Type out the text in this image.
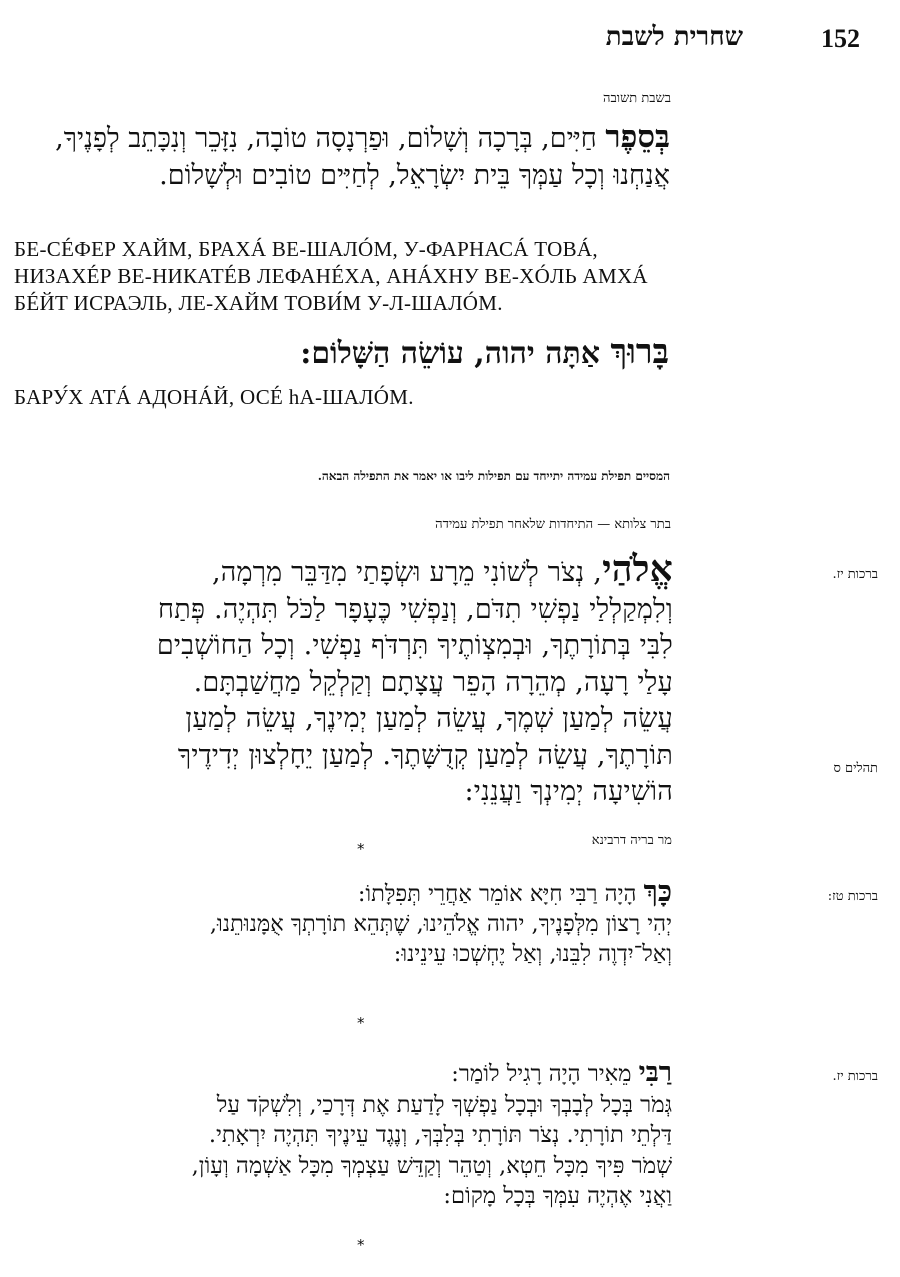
152
שחרית לשבת
בשבת תשובה
בְּסֵפֶר חַיִּים, בְּרָכָה וְשָׁלוֹם, וּפַרְנָסָה טוֹבָה, נִזָּכֵר וְנִכָּתֵב לְפָנֶיךָ,
אֲנַחְנוּ וְכָל עַמְּךָ בֵּית יִשְׂרָאֵל, לְחַיִּים טוֹבִים וּלְשָׁלוֹם.
БЕ-СÉФЕР ХАЙМ, БРАХÁ ВЕ-ШАЛÓМ, У-ФАРНАСÁ ТОВÁ,
НИЗАХÉР ВЕ-НИКАТÉВ ЛЕФАНÉХА, АНÁХНУ ВЕ-ХÓЛЬ АМХÁ
БÉЙТ ИСРАЭЛЬ, ЛЕ-ХАЙМ ТОВИ́М У-Л-ШАЛÓМ.
בָּרוּךְ אַתָּה יהוה, עוֹשֵׂה הַשָּׁלוֹם:
БАРУ́Х АТÁ АДОНÁЙ, ОСÉ hА-ШАЛÓМ.
המסיים תפילת עמידה יתייחד עם תפילות ליבו או יאמר את התפילה הבאה.
בתר צלותא — התיחדות שלאחר תפילת עמידה
ברכות יז.
תהלים ס
אֱלֹהַי, נְצֹר לְשׁוֹנִי מֵרָע וּשְׂפָתַי מִדַּבֵּר מִרְמָה,
וְלִמְקַלְלַי נַפְשִׁי תִדֹּם, וְנַפְשִׁי כֶּעָפָר לַכֹּל תִּהְיֶה. פְּתַח
לִבִּי בְּתוֹרָתֶךָ, וּבְמִצְוֹתֶיךָ תִּרְדֹּף נַפְשִׁי. וְכָל הַחוֹשְׁבִים
עָלַי רָעָה, מְהֵרָה הָפֵר עֲצָתָם וְקַלְקֵל מַחֲשַׁבְתָּם.
עֲשֵׂה לְמַעַן שְׁמֶךָ, עֲשֵׂה לְמַעַן יְמִינֶךָ, עֲשֵׂה לְמַעַן
תּוֹרָתֶךָ, עֲשֵׂה לְמַעַן קְדֻשָּׁתֶךָ. לְמַעַן יֵחָלְצוּן יְדִידֶיךָ
הוֹשִׁיעָה יְמִינְךָ וַעֲנֵנִי:
מר בריה דרבינא
*
ברכות טז:
כָּךְ הָיָה רַבִּי חִיָּא אוֹמֵר אַחֲרֵי תְּפִלָּתוֹ:
יְהִי רָצוֹן מִלְּפָנֶיךָ, יהוה אֱלֹהֵינוּ, שֶׁתְּהֵא תוֹרָתְךָ אֻמָּנוּתֵנוּ,
וְאַל־יִדְוֶה לִבֵּנוּ, וְאַל יֶחְשְׁכוּ עֵינֵינוּ:
*
ברכות יז.
רַבִּי מֵאִיר הָיָה רָגִיל לוֹמַר:
גְּמֹר בְּכָל לְבָבְךָ וּבְכָל נַפְשְׁךָ לָדַעַת אֶת דְּרָכַי, וְלִשְׁקֹד עַל
דַּלְתֵי תוֹרָתִי. נְצֹר תּוֹרָתִי בְּלִבְּךָ, וְנֶגֶד עֵינֶיךָ תִּהְיֶה יִרְאָתִי.
שְׁמֹר פִּיךָ מִכָּל חֵטְא, וְטַהֵר וְקַדֵּשׁ עַצְמְךָ מִכָּל אַשְׁמָה וְעָוֹן,
וַאֲנִי אֶהְיֶה עִמְּךָ בְּכָל מָקוֹם:
*
